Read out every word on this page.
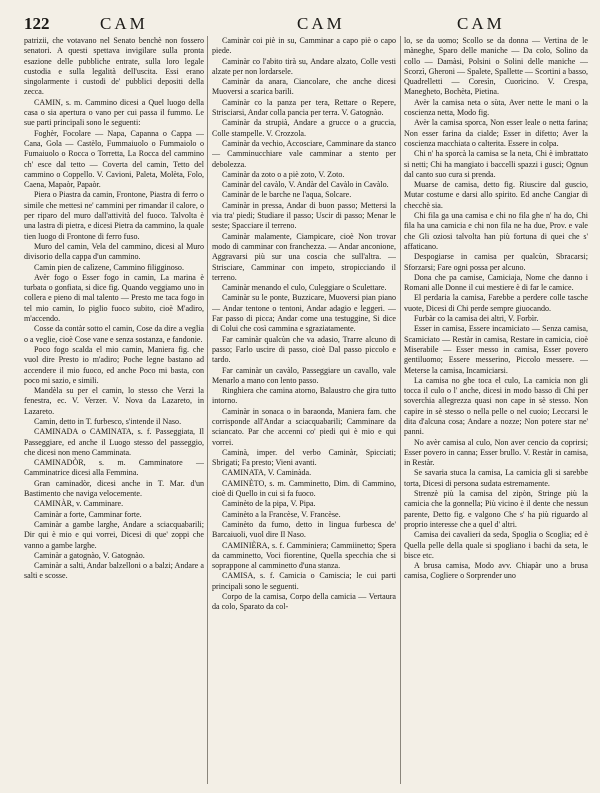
122	CAM	CAM	CAM

patrizii, che votavano nel Senato benchè non fossero senatori. A questi spettava invigilare sulla pronta esazione delle pubbliche entrate, sulla loro legale custodia e sulla legalità dell'uscita. Essi erano singolarmente i custodi de' pubblici depositi della zecca.

CAMIN, s. m. Cammino dicesi a Quel luogo della casa o sia apertura o vano per cui passa il fummo. Le sue parti principali sono le seguenti:

Foghèr, Focolare — Napa, Capanna o Cappa — Cana, Gola — Castèlo, Fummaiuolo o Fummaiolo o Fumaiuolo o Rocca o Torretta, La Rocca del cammino ch' esce dal tetto — Coverta del camin, Tetto del cammino o Coppello. V. Cavioni, Paleta, Molèta, Folo, Caena, Mapaòr, Papaòr.

Piera o Piastra da camin, Frontone, Piastra di ferro o simile che mettesi ne' cammini per rimandar il calore, o per riparo del muro dall'attività del fuoco. Talvolta è una lastra di pietra, e dicesi Pietra da cammino, la quale tien luogo di Frontone di ferro fuso.

Muro del camin, Vela del cammino, dicesi al Muro divisorio della cappa d'un cammino.

Camin pien de calìzene, Cammino filigginoso.

Avèr fogo o Esser fogo in camin, La marina è turbata o gonfiata, si dice fig. Quando veggiamo uno in collera e pieno di mal talento — Presto me taca fogo in tel mio camin, Io piglio fuoco subito, cioè M'adiro, m'accendo.

Cosse da contàr sotto el camin, Cose da dire a veglia o a veglie, cioè Cose vane e senza sostanza, e fandonie.

Poco fogo scalda el mio camin, Maniera fig. che vuol dire Presto io m'adiro; Poche legne bastano ad accendere il mio fuoco, ed anche Poco mi basta, con poco mi sazio, e simili.

Mandèla su per el camin, lo stesso che Verzi la fenestra, ec. V. Verzer. V. Nova da Lazareto, in Lazareto.

Camin, detto in T. furbesco, s'intende il Naso.

CAMINADA o CAMINATA, s. f. Passeggiata, Il Passeggiare, ed anche il Luogo stesso del passeggio, che dicesi non meno Camminata.

CAMINADÒR, s. m. Camminatore — Camminatrice dicesi alla Femmina.

Gran caminadòr, dicesi anche in T. Mar. d'un Bastimento che naviga velocemente.

CAMINÀR, v. Camminare.

Caminàr a forte, Camminar forte.

Caminàr a gambe larghe, Andare a sciacquabarili; Dir qui è mio e qui vorrei, Dicesi di que' zoppi che vanno a gambe larghe.

Caminàr a gatognào, V. Gatognào.

Caminàr a salti, Andar balzelloni o a balzi; Andare a salti e scosse.

Caminàr coi piè in su, Camminar a capo piè o capo piede.

Caminàr co l'abito tirà su, Andare alzato, Colle vesti alzate per non lordarsele.

Caminàr da anara, Ciancolare, che anche dicesi Muoversi a scarica barili.

Caminàr co la panza per tera, Rettare o Repere, Strisciarsi, Andar colla pancia per terra. V. Gatognào.

Caminàr da strupià, Andare a grucce o a gruccia, Colle stampelle. V. Crozzola.

Caminàr da vechio, Accosciare, Camminare da stanco — Camminucchiare vale camminar a stento per debolezza.

Caminàr da zoto o a piè zoto, V. Zoto.

Caminàr del cavàlo, V. Andàr del Cavàlo in Cavàlo.

Caminàr de le barche ne l'aqua, Solcare.

Caminàr in pressa, Andar di buon passo; Mettersi la via tra' piedi; Studiare il passo; Uscir di passo; Menar le seste; Spacciare il terreno.

Caminàr malamente, Ciampicare, cioè Non trovar modo di camminar con franchezza. — Andar anconione, Aggravarsi più sur una coscia che sull'altra. — Strisciare, Camminar con impeto, stropicciando il terreno.

Caminàr menando el culo, Culeggiare o Sculettare.

Caminàr su le ponte, Buzzicare, Muoversi pian piano — Andar tentone o tentoni, Andar adagio e leggeri. — Far passo di picca; Andar come una testuggine, Si dice di Colui che così cammina e sgraziatamente.

Far caminàr qualcùn che va adasio, Trarre alcuno di passo; Farlo uscire di passo, cioè Dal passo piccolo e tardo.

Far caminàr un cavàlo, Passeggiare un cavallo, vale Menarlo a mano con lento passo.

Ringhiera che camina atorno, Balaustro che gira tutto intorno.

Caminàr in sonaca o in baraonda, Maniera fam. che corrisponde all'Andar a sciacquabarili; Camminare da sciancato. Par che accenni co' piedi qui è mio e qui vorrei.

Caminà, imper. del verbo Caminàr, Spicciati; Sbrigati; Fa presto; Vieni avanti.

CAMINATA, V. Caminàda.

CAMINÈTO, s. m. Camminetto, Dim. di Cammino, cioè di Quello in cui si fa fuoco.

Caminèto de la pipa, V. Pipa.

Caminèto a la Francèse, V. Francèse.

Caminèto da fumo, detto in lingua furbesca de' Barcaiuoli, vuol dire Il Naso.

CAMINIÈRA, s. f. Camminiera; Cammiinetto; Spera da camminetto, Voci fiorentine, Quella specchia che si soprappone al camminetto d'una stanza.

CAMISA, s. f. Camicia o Camiscia; le cui parti principali sono le seguenti.

Corpo de la camisa, Corpo della camicia — Vertaura da colo, Sparato da col-

lo, se da uomo; Scollo se da donna — Vertina de le màneghe, Sparo delle maniche — Da colo, Solino da collo — Damàsi, Polsini o Solini delle maniche — Scorzì, Gheroni — Spalete, Spallette — Scortini a basso, Quadrelletti — Coresìn, Cuoricino. V. Crespa, Manegheto, Bochèta, Pietina.

Avèr la camisa neta o sùta, Aver nette le mani o la coscienza netta, Modo fig.

Avèr la camisa sporca, Non esser leale o netta farina; Non esser farina da cialde; Esser in difetto; Aver la coscienza macchiata o calterita. Essere in colpa.

Chi n' ha sporcà la camisa se la neta, Chi è imbrattato si netti; Chi ha mangiato i baccelli spazzi i gusci; Ognun dal canto suo cura si prenda.

Muarse de camisa, detto fig. Riuscire dal guscio, Mutar costume e darsi allo spirito. Ed anche Cangiar di checchè sia.

Chi fila ga una camisa e chi no fila ghe n' ha do, Chi fila ha una camicia e chi non fila ne ha due, Prov. e vale che Gli oziosi talvolta han più fortuna di quei che s' affaticano.

Despogiarse in camisa per qualcùn, Sbracarsi; Sforzarsi; Fare ogni possa per alcuno.

Dona che pa camise, Camiciaja, Nome che danno i Romani alle Donne il cui mestiere è di far le camice.

El perdaria la camisa, Farebbe a perdere colle tasche vuote, Dicesi di Chi perde sempre giuocando.

Furbàr co la camisa dei altri, V. Forbìr.

Esser in camisa, Essere incamiciato — Senza camisa, Scamiciato — Restàr in camisa, Restare in camicia, cioè Miserabile — Esser messo in camisa, Esser povero gentiluomo; Essere messerino, Piccolo messere. — Meterse la camisa, Incamiciarsi.

La camisa no ghe toca el culo, La camicia non gli tocca il culo o l' anche, dicesi in modo basso di Chi per soverchia allegrezza quasi non cape in sè stesso. Non capire in sè stesso o nella pelle o nel cuoio; Leccarsi le dita d'alcuna cosa; Andare a nozze; Non potere star ne' panni.

No avèr camisa al culo, Non aver cencio da coprirsi; Esser povero in canna; Esser brullo. V. Restàr in camisa, in Restàr.

Se savaria stuca la camisa, La camicia gli si sarebbe torta, Dicesi di persona sudata estremamente.

Strenzè più la camisa del zipòn, Stringe più la camicia che la gonnella; Più vicino è il dente che nessun parente, Detto fig. e valgono Che s' ha più riguardo al proprio interesse che a quel d' altri.

Camisa dei cavalieri da seda, Spoglia o Scoglia; ed è Quella pelle della quale si spogliano i bachi da seta, le bisce etc.

A brusa camisa, Modo avv. Chiapàr uno a brusa camisa, Cogliere o Sorprender uno
